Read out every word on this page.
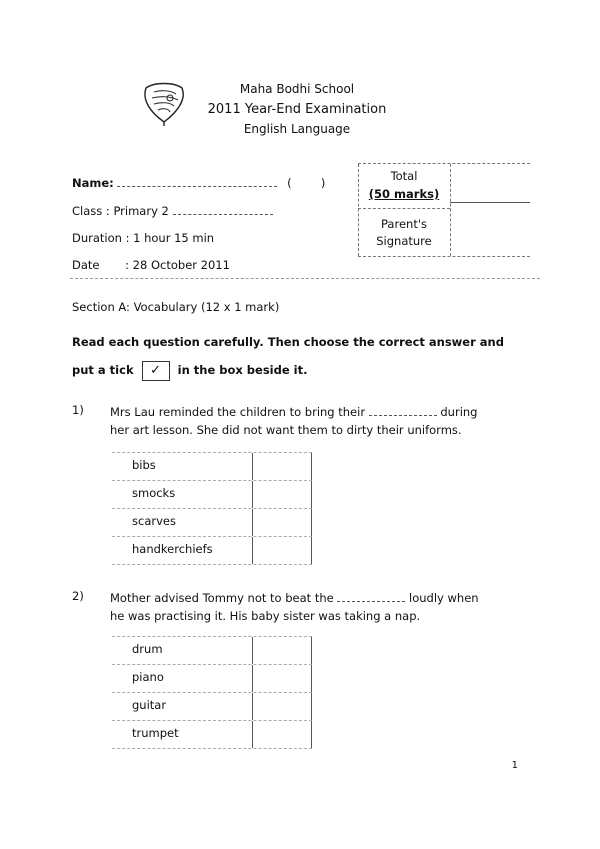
Maha Bodhi School
2011 Year-End Examination
English Language
Name:	(        )
Class : Primary 2
Duration : 1 hour 15 min
Date : 28 October 2011
Total
(50 marks)
Parent's
Signature
Section A: Vocabulary (12 x 1 mark)
Read each question carefully. Then choose the correct answer and
put a tick ✓ in the box beside it.
1) Mrs Lau reminded the children to bring their	during
her art lesson. She did not want them to dirty their uniforms.
bibs
smocks
scarves
handkerchiefs
2) Mother advised Tommy not to beat the	loudly when
he was practising it. His baby sister was taking a nap.
drum
piano
guitar
trumpet
1
